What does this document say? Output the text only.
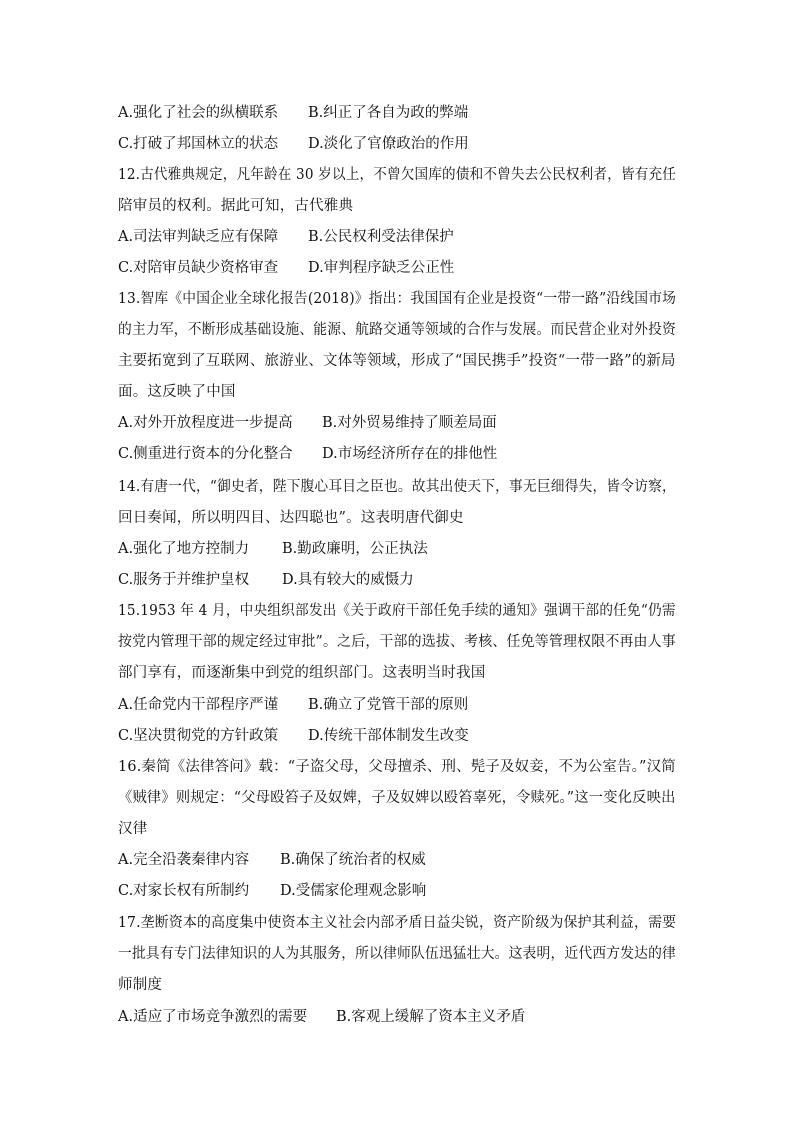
A.强化了社会的纵横联系 B.纠正了各自为政的弊端
C.打破了邦国林立的状态 D.淡化了官僚政治的作用
12.古代雅典规定，凡年龄在 30 岁以上，不曾欠国库的债和不曾失去公民权利者，皆有充任
陪审员的权利。据此可知，古代雅典
A.司法审判缺乏应有保障 B.公民权利受法律保护
C.对陪审员缺少资格审查 D.审判程序缺乏公正性
13.智库《中国企业全球化报告(2018)》指出：我国国有企业是投资“一带一路”沿线国市场
的主力军，不断形成基础设施、能源、航路交通等领域的合作与发展。而民营企业对外投资
主要拓宽到了互联网、旅游业、文体等领域，形成了“国民携手”投资“一带一路”的新局
面。这反映了中国
A.对外开放程度进一步提高 B.对外贸易维持了顺差局面
C.侧重进行资本的分化整合 D.市场经济所存在的排他性
14.有唐一代，“御史者，陛下腹心耳目之臣也。故其出使天下，事无巨细得失，皆令访察，
回日奏闻，所以明四目、达四聪也”。这表明唐代御史
A.强化了地方控制力 B.勤政廉明，公正执法
C.服务于并维护皇权 D.具有较大的威慑力
15.1953 年 4 月，中央组织部发出《关于政府干部任免手续的通知》强调干部的任免“仍需
按党内管理干部的规定经过审批”。之后，干部的选拔、考核、任免等管理权限不再由人事
部门享有，而逐渐集中到党的组织部门。这表明当时我国
A.任命党内干部程序严谨 B.确立了党管干部的原则
C.坚决贯彻党的方针政策 D.传统干部体制发生改变
16.秦简《法律答问》载：“子盗父母，父母擅杀、刑、髡子及奴妾，不为公室告。”汉简
《贼律》则规定：“父母殴笞子及奴婢，子及奴婢以殴笞辜死，令赎死。”这一变化反映出
汉律
A.完全沿袭秦律内容 B.确保了统治者的权威
C.对家长权有所制约 D.受儒家伦理观念影响
17.垄断资本的高度集中使资本主义社会内部矛盾日益尖锐，资产阶级为保护其利益，需要
一批具有专门法律知识的人为其服务，所以律师队伍迅猛壮大。这表明，近代西方发达的律
师制度
A.适应了市场竞争激烈的需要 B.客观上缓解了资本主义矛盾
